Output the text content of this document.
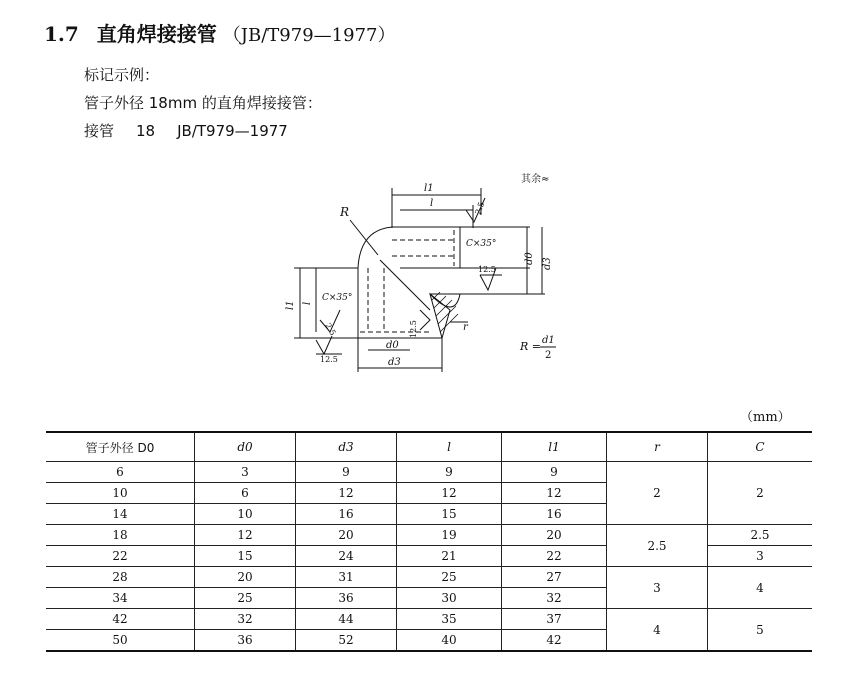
1.7 直角焊接接管 （JB/T979—1977）
标记示例：
管子外径 18mm 的直角焊接接管：
接管 18 JB/T979—1977
其余≈
l1
l	2.5
C×35°
d0 d3
R
r
12.5
12.5
l1 l
C×35°
2.5
12.5
d0
d3
R = d1
2
（mm）
管子外径 D0	d0	d3	l	l1	r	C
6	3	9	9	9	2	2
10	6	12	12	12		
14	10	16	15	16		
18	12	20	19	20	2.5	2.5
22	15	24	21	22		3
28	20	31	25	27	3	4
34	25	36	30	32		
42	32	44	35	37	4	5
50	36	52	40	42		
